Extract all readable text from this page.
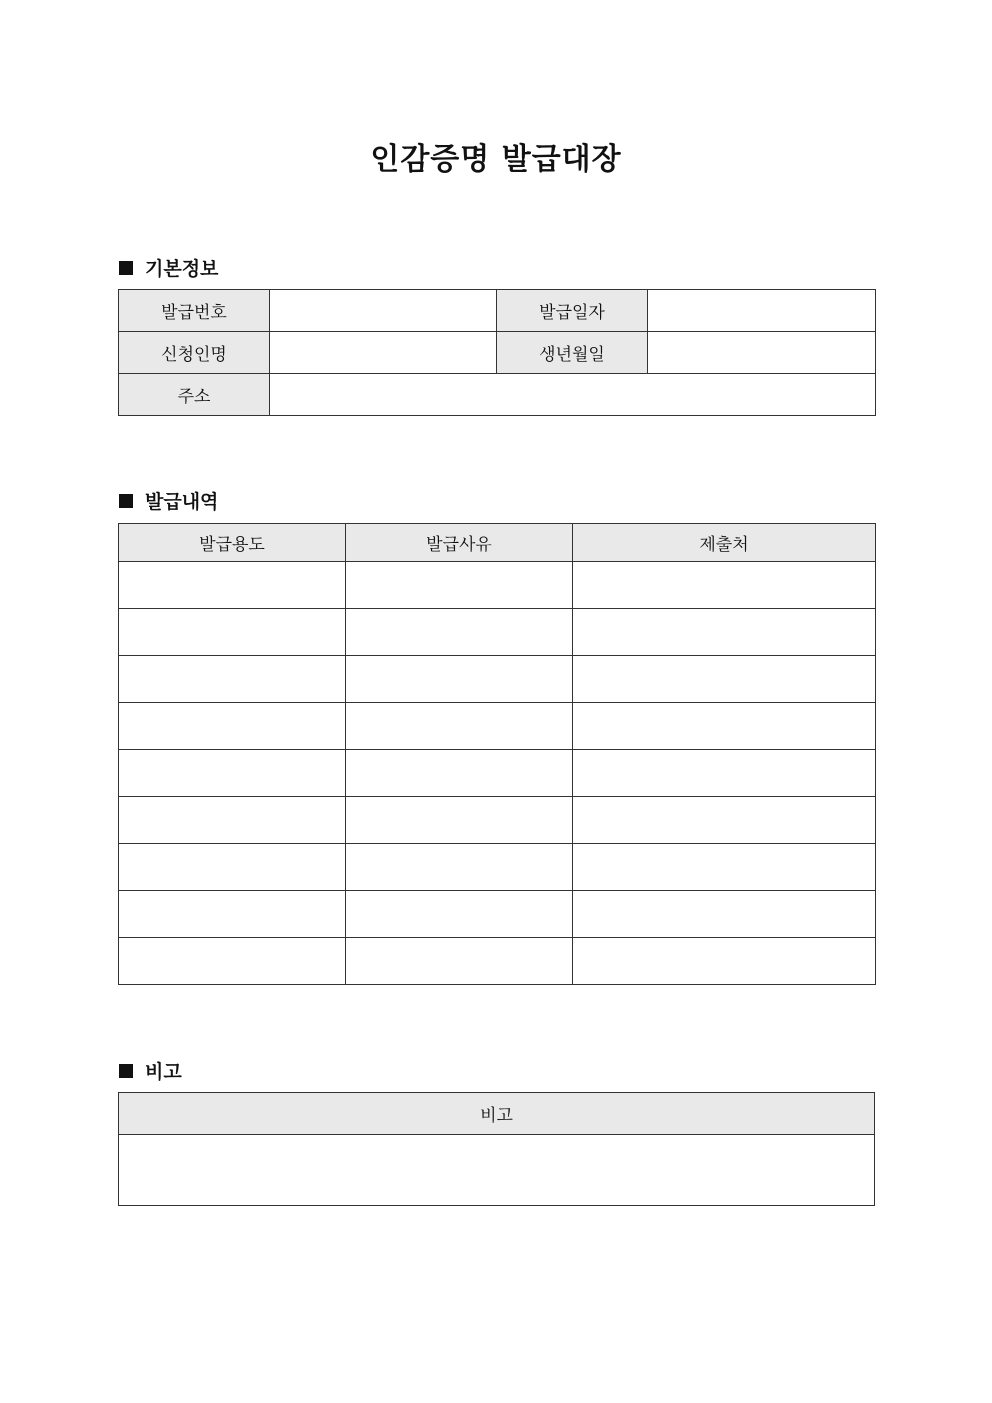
인감증명 발급대장
기본정보
발급번호		발급일자	
신청인명		생년월일	
주소			
발급내역
발급용도	발급사유	제출처

비고
비고
